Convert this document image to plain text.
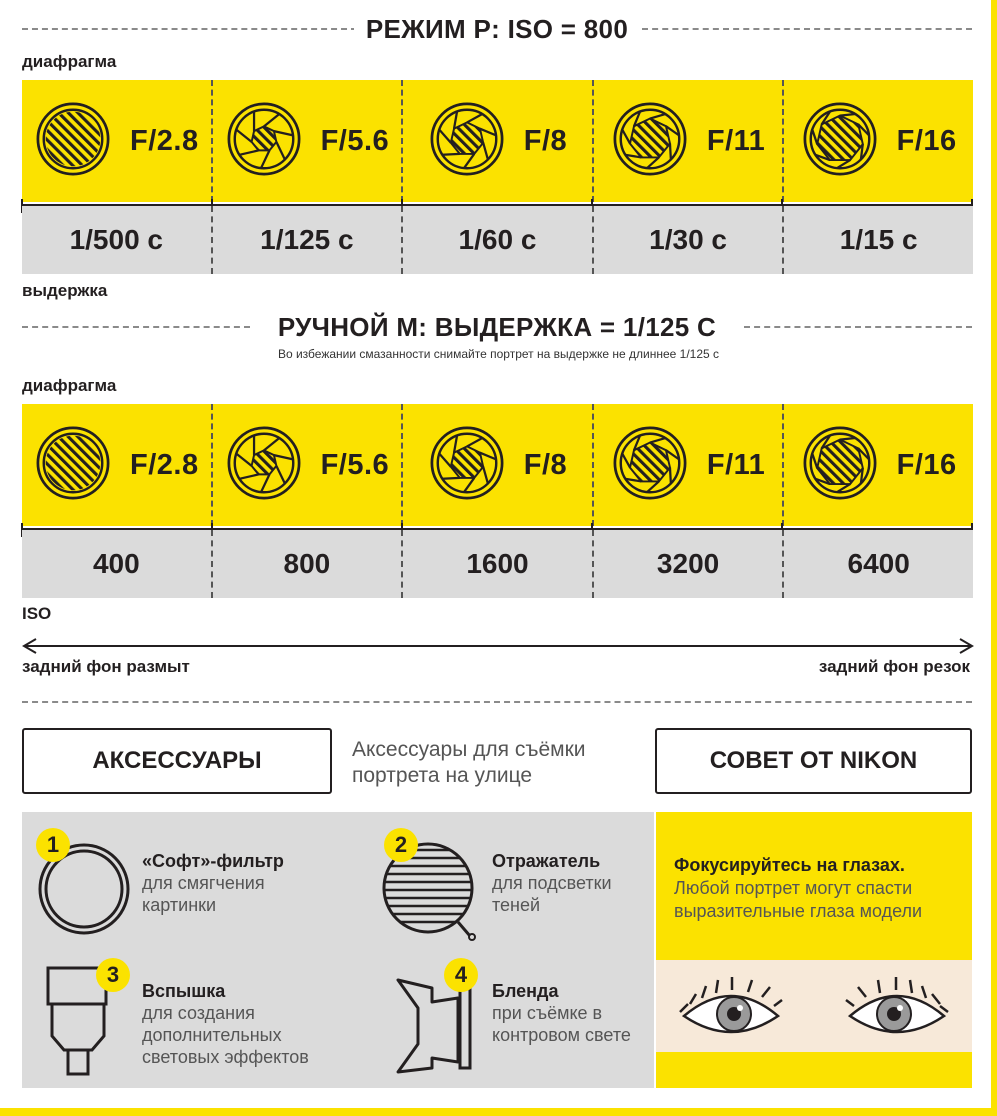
РЕЖИМ P: ISO = 800
диафрагма
F/2.8	F/5.6	F/8	F/11	F/16
1/500 с	1/125 с	1/60 с	1/30 с	1/15 с
выдержка
РУЧНОЙ М: ВЫДЕРЖКА = 1/125 С
Во избежании смазанности снимайте портрет на выдержке не длиннее 1/125 с
диафрагма
F/2.8	F/5.6	F/8	F/11	F/16
400	800	1600	3200	6400
ISO
задний фон размыт	задний фон резок
АКСЕССУАРЫ	Аксессуары для съёмки портрета на улице
СОВЕТ ОТ NIKON
1
«Софт»-фильтр
для смягчения картинки
2
Отражатель
для подсветки теней
3
Вспышка
для создания дополнительных световых эффектов
4
Бленда
при съёмке в контровом свете
Фокусируйтесь на глазах.
Любой портрет могут спасти выразительные глаза модели
